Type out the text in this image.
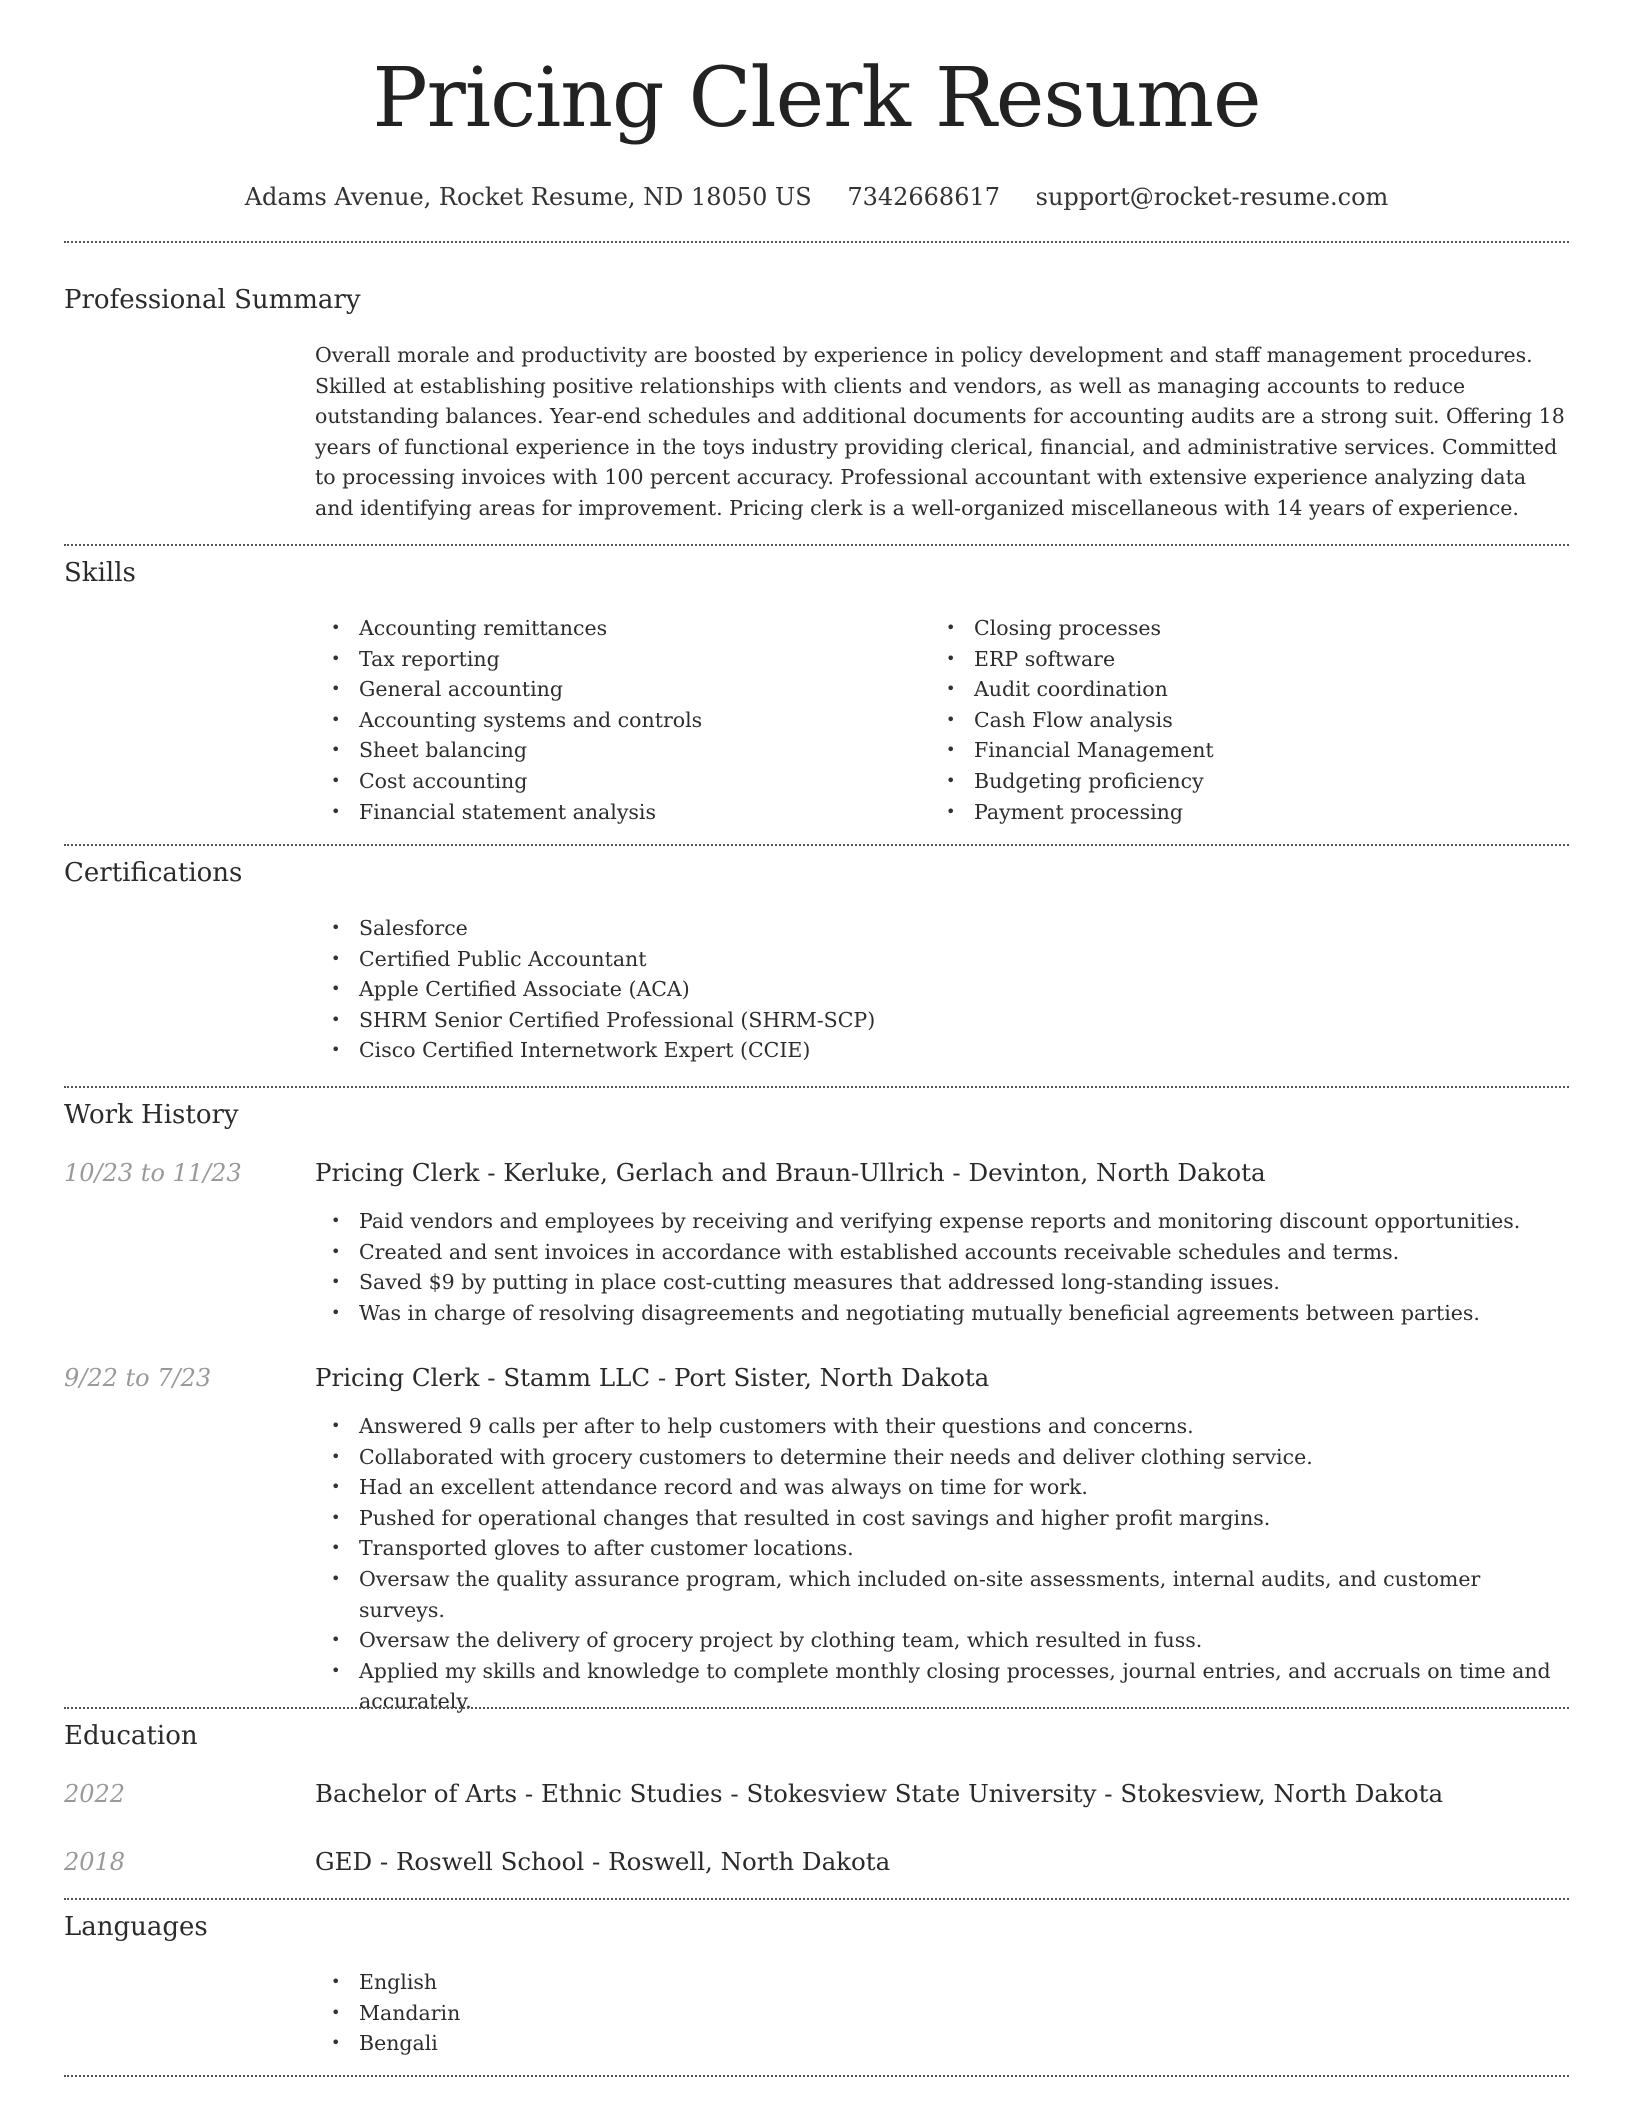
Pricing Clerk Resume
Adams Avenue, Rocket Resume, ND 18050 US 7342668617 support@rocket-resume.com
Professional Summary
Overall morale and productivity are boosted by experience in policy development and staff management procedures. Skilled at establishing positive relationships with clients and vendors, as well as managing accounts to reduce outstanding balances. Year-end schedules and additional documents for accounting audits are a strong suit. Offering 18 years of functional experience in the toys industry providing clerical, financial, and administrative services. Committed to processing invoices with 100 percent accuracy. Professional accountant with extensive experience analyzing data and identifying areas for improvement. Pricing clerk is a well-organized miscellaneous with 14 years of experience.
Skills
• Accounting remittances
• Tax reporting
• General accounting
• Accounting systems and controls
• Sheet balancing
• Cost accounting
• Financial statement analysis
• Closing processes
• ERP software
• Audit coordination
• Cash Flow analysis
• Financial Management
• Budgeting proficiency
• Payment processing
Certifications
• Salesforce
• Certified Public Accountant
• Apple Certified Associate (ACA)
• SHRM Senior Certified Professional (SHRM-SCP)
• Cisco Certified Internetwork Expert (CCIE)
Work History
10/23 to 11/23	Pricing Clerk - Kerluke, Gerlach and Braun-Ullrich - Devinton, North Dakota
• Paid vendors and employees by receiving and verifying expense reports and monitoring discount opportunities.
• Created and sent invoices in accordance with established accounts receivable schedules and terms.
• Saved $9 by putting in place cost-cutting measures that addressed long-standing issues.
• Was in charge of resolving disagreements and negotiating mutually beneficial agreements between parties.
9/22 to 7/23	Pricing Clerk - Stamm LLC - Port Sister, North Dakota
• Answered 9 calls per after to help customers with their questions and concerns.
• Collaborated with grocery customers to determine their needs and deliver clothing service.
• Had an excellent attendance record and was always on time for work.
• Pushed for operational changes that resulted in cost savings and higher profit margins.
• Transported gloves to after customer locations.
• Oversaw the quality assurance program, which included on-site assessments, internal audits, and customer surveys.
• Oversaw the delivery of grocery project by clothing team, which resulted in fuss.
• Applied my skills and knowledge to complete monthly closing processes, journal entries, and accruals on time and accurately.
Education
2022	Bachelor of Arts - Ethnic Studies - Stokesview State University - Stokesview, North Dakota
2018	GED - Roswell School - Roswell, North Dakota
Languages
• English
• Mandarin
• Bengali
